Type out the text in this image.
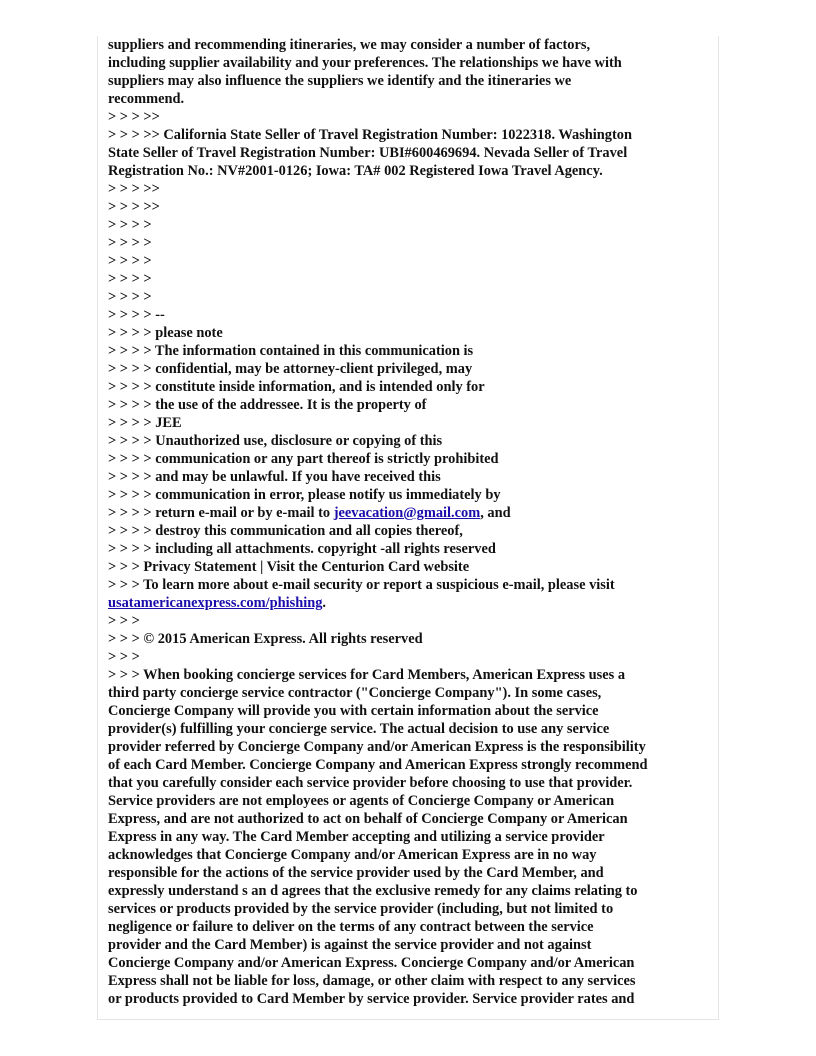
suppliers and recommending itineraries, we may consider a number of factors,
including supplier availability and your preferences. The relationships we have with
suppliers may also influence the suppliers we identify and the itineraries we
recommend.
> > > >>
> > > >> California State Seller of Travel Registration Number: 1022318. Washington
State Seller of Travel Registration Number: UBI#600469694. Nevada Seller of Travel
Registration No.: NV#2001-0126; Iowa: TA# 002 Registered Iowa Travel Agency.
> > > >>
> > > >>
> > > >
> > > >
> > > >
> > > >
> > > >
> > > > --
> > > > please note
> > > > The information contained in this communication is
> > > > confidential, may be attorney-client privileged, may
> > > > constitute inside information, and is intended only for
> > > > the use of the addressee. It is the property of
> > > > JEE
> > > > Unauthorized use, disclosure or copying of this
> > > > communication or any part thereof is strictly prohibited
> > > > and may be unlawful. If you have received this
> > > > communication in error, please notify us immediately by
> > > > return e-mail or by e-mail to jeevacation@gmail.com, and
> > > > destroy this communication and all copies thereof,
> > > > including all attachments. copyright -all rights reserved
> > > Privacy Statement | Visit the Centurion Card website
> > > To learn more about e-mail security or report a suspicious e-mail, please visit
usatamericanexpress.com/phishing.
> > >
> > > © 2015 American Express. All rights reserved
> > >
> > > When booking concierge services for Card Members, American Express uses a
third party concierge service contractor ("Concierge Company"). In some cases,
Concierge Company will provide you with certain information about the service
provider(s) fulfilling your concierge service. The actual decision to use any service
provider referred by Concierge Company and/or American Express is the responsibility
of each Card Member. Concierge Company and American Express strongly recommend
that you carefully consider each service provider before choosing to use that provider.
Service providers are not employees or agents of Concierge Company or American
Express, and are not authorized to act on behalf of Concierge Company or American
Express in any way. The Card Member accepting and utilizing a service provider
acknowledges that Concierge Company and/or American Express are in no way
responsible for the actions of the service provider used by the Card Member, and
expressly understand s an d agrees that the exclusive remedy for any claims relating to
services or products provided by the service provider (including, but not limited to
negligence or failure to deliver on the terms of any contract between the service
provider and the Card Member) is against the service provider and not against
Concierge Company and/or American Express. Concierge Company and/or American
Express shall not be liable for loss, damage, or other claim with respect to any services
or products provided to Card Member by service provider. Service provider rates and
